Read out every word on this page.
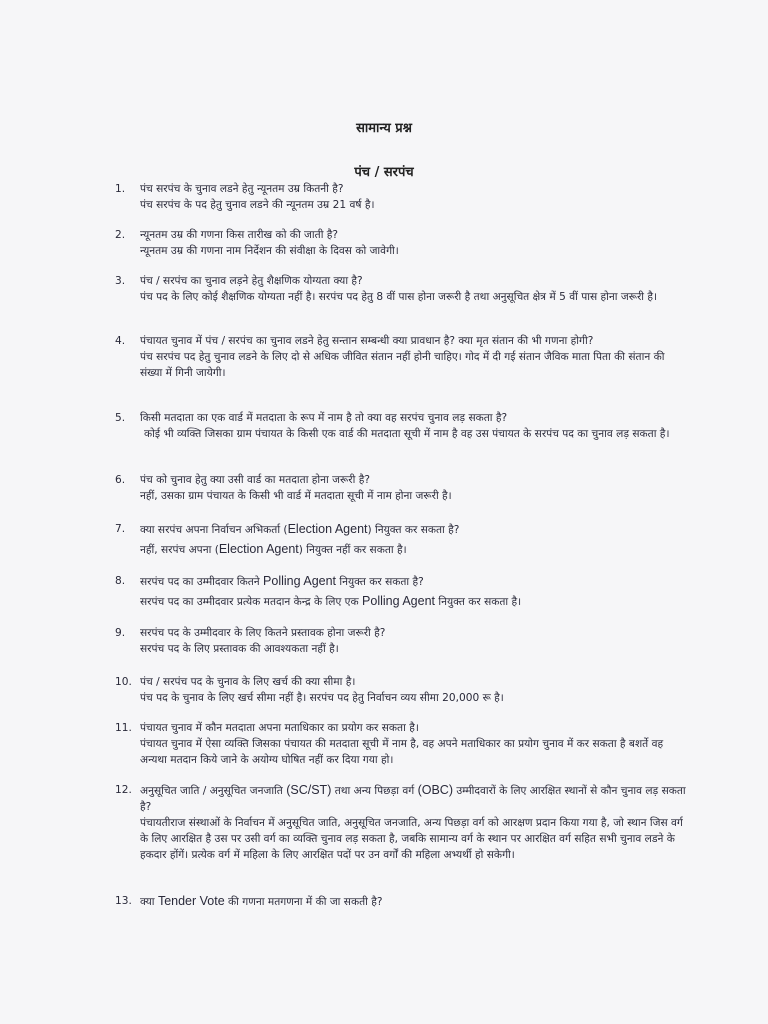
सामान्य प्रश्न
पंच / सरपंच
1.	पंच सरपंच के चुनाव लडने हेतु न्यूनतम उम्र कितनी है?
पंच सरपंच के पद हेतु चुनाव लडने की न्यूनतम उम्र 21 वर्ष है।
2.	न्यूनतम उम्र की गणना किस तारीख को की जाती है?
न्यूनतम उम्र की गणना नाम निर्देशन की संवीक्षा के दिवस को जावेगी।
3.	पंच / सरपंच का चुनाव लड़ने हेतु शैक्षणिक योग्यता क्या है?
पंच पद के लिए कोई शैक्षणिक योग्यता नहीं है। सरपंच पद हेतु 8 वीं पास होना जरूरी है तथा अनुसूचित क्षेत्र में 5 वीं पास होना जरूरी है।
4.	पंचायत चुनाव में पंच / सरपंच का चुनाव लडने हेतु सन्तान सम्बन्धी क्या प्रावधान है? क्या मृत संतान की भी गणना होगी?
पंच सरपंच पद हेतु चुनाव लडने के लिए दो से अधिक जीवित संतान नहीं होनी चाहिए। गोद में दी गई संतान जैविक माता पिता की संतान की संख्या में गिनी जायेगी।
5.	किसी मतदाता का एक वार्ड में मतदाता के रूप में नाम है तो क्या वह सरपंच चुनाव लड़ सकता है?
कोई भी व्यक्ति जिसका ग्राम पंचायत के किसी एक वार्ड की मतदाता सूची में नाम है वह उस पंचायत के सरपंच पद का चुनाव लड़ सकता है।
6.	पंच को चुनाव हेतु क्या उसी वार्ड का मतदाता होना जरूरी है?
नहीं, उसका ग्राम पंचायत के किसी भी वार्ड में मतदाता सूची में नाम होना जरूरी है।
7.	क्या सरपंच अपना निर्वाचन अभिकर्ता (Election Agent) नियुक्त कर सकता है?
नहीं, सरपंच अपना (Election Agent) नियुक्त नहीं कर सकता है।
8.	सरपंच पद का उम्मीदवार कितने Polling Agent नियुक्त कर सकता है?
सरपंच पद का उम्मीदवार प्रत्येक मतदान केन्द्र के लिए एक Polling Agent नियुक्त कर सकता है।
9.	सरपंच पद के उम्मीदवार के लिए कितने प्रस्तावक होना जरूरी है?
सरपंच पद के लिए प्रस्तावक की आवश्यकता नहीं है।
10. पंच / सरपंच पद के चुनाव के लिए खर्च की क्या सीमा है।
पंच पद के चुनाव के लिए खर्च सीमा नहीं है। सरपंच पद हेतु निर्वाचन व्यय सीमा 20,000 रू है।
11. पंचायत चुनाव में कौन मतदाता अपना मताधिकार का प्रयोग कर सकता है।
पंचायत चुनाव में ऐसा व्यक्ति जिसका पंचायत की मतदाता सूची में नाम है, वह अपने मताधिकार का प्रयोग चुनाव में कर सकता है बशर्ते वह अन्यथा मतदान किये जाने के अयोग्य घोषित नहीं कर दिया गया हो।
12. अनुसूचित जाति / अनुसूचित जनजाति (SC/ST) तथा अन्य पिछड़ा वर्ग (OBC) उम्मीदवारों के लिए आरक्षित स्थानों से कौन चुनाव लड़ सकता है?
पंचायतीराज संस्थाओं के निर्वाचन में अनुसूचित जाति, अनुसूचित जनजाति, अन्य पिछड़ा वर्ग को आरक्षण प्रदान किया गया है, जो स्थान जिस वर्ग के लिए आरक्षित है उस पर उसी वर्ग का व्यक्ति चुनाव लड़ सकता है, जबकि सामान्य वर्ग के स्थान पर आरक्षित वर्ग सहित सभी चुनाव लडने के हकदार होंगें। प्रत्येक वर्ग में महिला के लिए आरक्षित पदों पर उन वर्गों की महिला अभ्यर्थी हो सकेगी।
13. क्या Tender Vote की गणना मतगणना में की जा सकती है?
